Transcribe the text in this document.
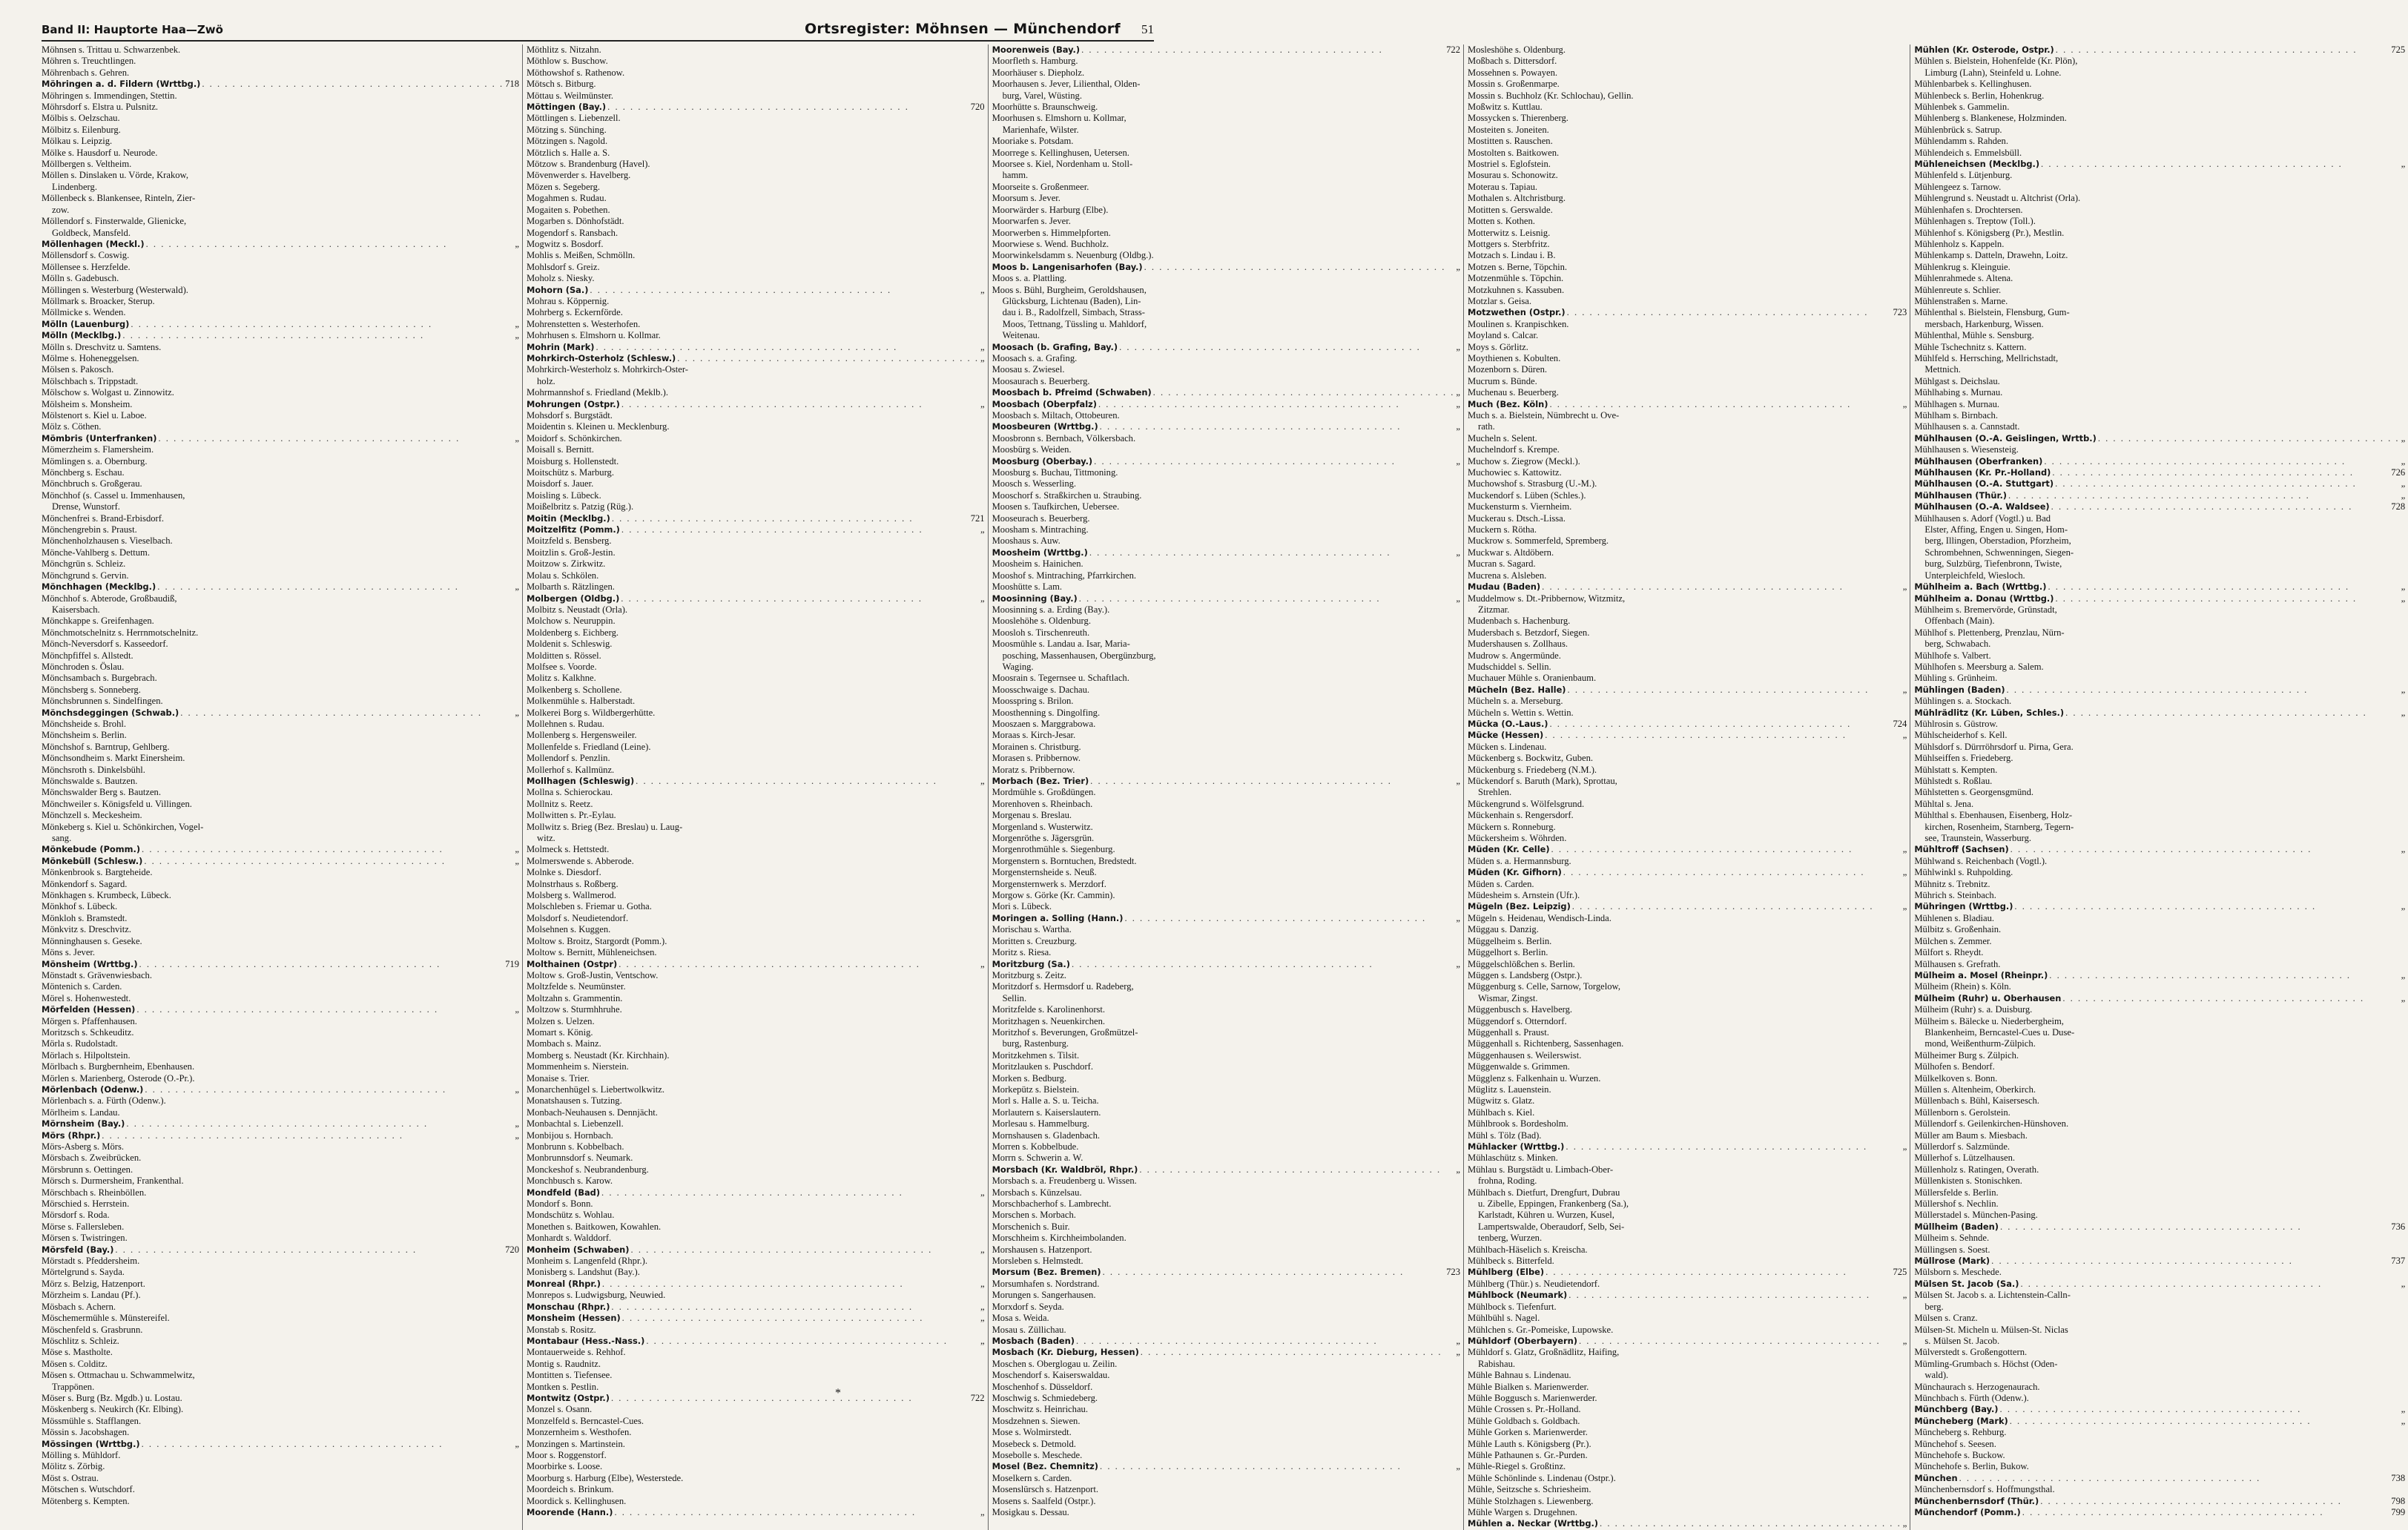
Band II: Hauptorte Haa—Zwö	Ortsregister: Möhnsen — Münchendorf 51
Möhnsen s. Trittau u. Schwarzenbek.
Möhren s. Treuchtlingen.
Möhrenbach s. Gehren.
Möhringen a. d. Fildern (Wrttbg.) . . .	718
Möhringen s. Immendingen, Stettin.
Möhrsdorf s. Elstra u. Pulsnitz.
Mölbis s. Oelzschau.
Mölbitz s. Eilenburg.
Mölkau s. Leipzig.
Mölke s. Hausdorf u. Neurode.
Möllbergen s. Veltheim.
Möllen s. Dinslaken u. Vörde, Krakow,
Lindenberg.
Möllenbeck s. Blankensee, Rinteln, Zier-
zow.
Möllendorf s. Finsterwalde, Glienicke,
Goldbeck, Mansfeld.
Möllenhagen (Meckl.) . . .	„
Möllensdorf s. Coswig.
Möllensee s. Herzfelde.
Mölln s. Gadebusch.
Möllingen s. Westerburg (Westerwald).
Möllmark s. Broacker, Sterup.
Möllmicke s. Wenden.
Mölln (Lauenburg) . . .	„
Mölln (Mecklbg.) . . .	„
Mölln s. Dreschvitz u. Samtens.
Mölme s. Hoheneggelsen.
Mölsen s. Pakosch.
Mölschbach s. Trippstadt.
Mölschow s. Wolgast u. Zinnowitz.
Mölsheim s. Monsheim.
Mölstenort s. Kiel u. Laboe.
Mölz s. Cöthen.
Mömbris (Unterfranken) . . .	„
Mömerzheim s. Flamersheim.
Mömlingen s. a. Obernburg.
Mönchberg s. Eschau.
Mönchbruch s. Großgerau.
Mönchhof (s. Cassel u. Immenhausen,
Drense, Wunstorf.
Mönchenfrei s. Brand-Erbisdorf.
Mönchengrebin s. Praust.
Mönchenholzhausen s. Vieselbach.
Mönche-Vahlberg s. Dettum.
Mönchgrün s. Schleiz.
Mönchgrund s. Gervin.
Mönchhagen (Mecklbg.) . . .	„
Mönchhof s. Abterode, Großbaudiß,
Kaisersbach.
Mönchkappe s. Greifenhagen.
Mönchmotschelnitz s. Herrnmotschelnitz.
Mönch-Neversdorf s. Kasseedorf.
Mönchpfiffel s. Allstedt.
Mönchroden s. Öslau.
Mönchsambach s. Burgebrach.
Mönchsberg s. Sonneberg.
Mönchsbrunnen s. Sindelfingen.
Mönchsdeggingen (Schwab.) . . .	„
Mönchsheide s. Brohl.
Mönchsheim s. Berlin.
Mönchshof s. Barntrup, Gehlberg.
Mönchsondheim s. Markt Einersheim.
Mönchsroth s. Dinkelsbühl.
Mönchswalde s. Bautzen.
Mönchswalder Berg s. Bautzen.
Mönchweiler s. Königsfeld u. Villingen.
Mönchzell s. Meckesheim.
Mönkeberg s. Kiel u. Schönkirchen, Vogel-
sang.
Mönkebude (Pomm.) . . .	„
Mönkebüll (Schlesw.) . . .	„
Mönkenbrook s. Bargteheide.
Mönkendorf s. Sagard.
Mönkhagen s. Krumbeck, Lübeck.
Mönkhof s. Lübeck.
Mönkloh s. Bramstedt.
Mönkvitz s. Dreschvitz.
Mönninghausen s. Geseke.
Möns s. Jever.
Mönsheim (Wrttbg.) . . .	719
Mönstadt s. Grävenwiesbach.
Möntenich s. Carden.
Mörel s. Hohenwestedt.
Mörfelden (Hessen) . . .	„
Mörgen s. Pfaffenhausen.
Moritzsch s. Schkeuditz.
Mörla s. Rudolstadt.
Mörlach s. Hilpoltstein.
Mörlbach s. Burgbernheim, Ebenhausen.
Mörlen s. Marienberg, Osterode (O.-Pr.).
Mörlenbach (Odenw.) . . .	„
Mörlenbach s. a. Fürth (Odenw.).
Mörlheim s. Landau.
Mörnsheim (Bay.) . . .	„
Mörs (Rhpr.) . . .	„
Mörs-Asberg s. Mörs.
Mörsbach s. Zweibrücken.
Mörsbrunn s. Oettingen.
Mörsch s. Durmersheim, Frankenthal.
Mörschbach s. Rheinböllen.
Mörschied s. Herrstein.
Mörsdorf s. Roda.
Mörse s. Fallersleben.
Mörsen s. Twistringen.
Mörsfeld (Bay.) . . .	720
Mörstadt s. Pfeddersheim.
Mörtelgrund s. Sayda.
Mörz s. Belzig, Hatzenport.
Mörzheim s. Landau (Pf.).
Mösbach s. Achern.
Möschemermühle s. Münstereifel.
Möschenfeld s. Grasbrunn.
Möschlitz s. Schleiz.
Möse s. Mastholte.
Mösen s. Colditz.
Mösen s. Ottmachau u. Schwammelwitz,
Trappönen.
Möser s. Burg (Bz. Mgdb.) u. Lostau.
Möskenberg s. Neukirch (Kr. Elbing).
Mössmühle s. Stafflangen.
Mössin s. Jacobshagen.
Mössingen (Wrttbg.) . . .	„
Mölling s. Mühldorf.
Mölitz s. Zörbig.
Möst s. Ostrau.
Mötschen s. Wutschdorf.
Mötenberg s. Kempten.
Möthlitz s. Nitzahn.
Möthlow s. Buschow.
Möthowshof s. Rathenow.
Mötsch s. Bitburg.
Möttau s. Weilmünster.
Möttingen (Bay.) . . .	720
Möttlingen s. Liebenzell.
Mötzing s. Sünching.
Mötzingen s. Nagold.
Mötzlich s. Halle a. S.
Mötzow s. Brandenburg (Havel).
Mövenwerder s. Havelberg.
Mözen s. Segeberg.
Mogahmen s. Rudau.
Mogaiten s. Pobethen.
Mogarben s. Dönhofstädt.
Mogendorf s. Ransbach.
Mogwitz s. Bosdorf.
Mohlis s. Meißen, Schmölln.
Mohlsdorf s. Greiz.
Moholz s. Niesky.
Mohorn (Sa.) . . .	„
Mohrau s. Köppernig.
Mohrberg s. Eckernförde.
Mohrenstetten s. Westerhofen.
Mohrhusen s. Elmshorn u. Kollmar.
Mohrin (Mark) . . .	„
Mohrkirch-Osterholz (Schlesw.) . . .	„
Mohrkirch-Westerholz s. Mohrkirch-Oster-
holz.
Mohrmannshof s. Friedland (Meklb.).
Mohrungen (Ostpr.) . . .	„
Mohsdorf s. Burgstädt.
Moidentin s. Kleinen u. Mecklenburg.
Moidorf s. Schönkirchen.
Moisall s. Bernitt.
Moisburg s. Hollenstedt.
Moitschütz s. Marburg.
Moisdorf s. Jauer.
Moisling s. Lübeck.
Moißelbritz s. Patzig (Rüg.).
Moitin (Mecklbg.) . . .	721
Moitzelfitz (Pomm.) . . .	„
Moitzfeld s. Bensberg.
Moitzlin s. Groß-Jestin.
Moitzow s. Zirkwitz.
Molau s. Schkölen.
Molbarth s. Rätzlingen.
Molbergen (Oldbg.) . . .	„
Molbitz s. Neustadt (Orla).
Molchow s. Neuruppin.
Moldenberg s. Eichberg.
Moldenit s. Schleswig.
Molditten s. Rössel.
Molfsee s. Voorde.
Molitz s. Kalkhne.
Molkenberg s. Schollene.
Molkenmühle s. Halberstadt.
Molkerei Borg s. Wildbergerhütte.
Mollehnen s. Rudau.
Mollenberg s. Hergensweiler.
Mollenfelde s. Friedland (Leine).
Mollendorf s. Penzlin.
Mollerhof s. Kallmünz.
Mollhagen (Schleswig) . . .	„
Mollna s. Schierockau.
Mollnitz s. Reetz.
Mollwitten s. Pr.-Eylau.
Mollwitz s. Brieg (Bez. Breslau) u. Laug-
witz.
Molmeck s. Hettstedt.
Molmerswende s. Abberode.
Molnke s. Diesdorf.
Molnstrhaus s. Roßberg.
Molsberg s. Wallmerod.
Molschleben s. Friemar u. Gotha.
Molsdorf s. Neudietendorf.
Molsehnen s. Kuggen.
Moltow s. Broitz, Stargordt (Pomm.).
Moltow s. Bernitt, Mühleneichsen.
Molthainen (Ostpr) . . .	„
Moltow s. Groß-Justin, Ventschow.
Moltzfelde s. Neumünster.
Moltzahn s. Grammentin.
Moltzow s. Sturmhhruhe.
Molzen s. Uelzen.
Momart s. König.
Mombach s. Mainz.
Momberg s. Neustadt (Kr. Kirchhain).
Mommenheim s. Nierstein.
Monaise s. Trier.
Monarchenhügel s. Liebertwolkwitz.
Monatshausen s. Tutzing.
Monbach-Neuhausen s. Dennjächt.
Monbachtal s. Liebenzell.
Monbijou s. Hornbach.
Monbrunn s. Kobbelbach.
Monbrunnsdorf s. Neumark.
Monckeshof s. Neubrandenburg.
Monchbusch s. Karow.
Mondfeld (Bad) . . .	„
Mondorf s. Bonn.
Mondschütz s. Wohlau.
Monethen s. Baitkowen, Kowahlen.
Monhardt s. Walddorf.
Monheim (Schwaben) . . .	„
Monheim s. Langenfeld (Rhpr.).
Monisberg s. Landshut (Bay.).
Monreal (Rhpr.) . . .	„
Monrepos s. Ludwigsburg, Neuwied.
Monschau (Rhpr.) . . .	„
Monsheim (Hessen) . . .	„
Monstab s. Rositz.
Montabaur (Hess.-Nass.) . . .	„
Montauerweide s. Rehhof.
Montig s. Raudnitz.
Montitten s. Tiefensee.
Montken s. Pestlin.
Montwitz (Ostpr.) . . .	722
Monzel s. Osann.
Monzelfeld s. Berncastel-Cues.
Monzernheim s. Westhofen.
Monzingen s. Martinstein.
Moor s. Roggenstorf.
Moorbirke s. Loose.
Moorburg s. Harburg (Elbe), Westerstede.
Moordeich s. Brinkum.
Moordick s. Kellinghusen.
Moorende (Hann.) . . .	„
Moorenweis (Bay.) . . .	722
Moorfleth s. Hamburg.
Moorhäuser s. Diepholz.
Moorhausen s. Jever, Lilienthal, Olden-
burg, Varel, Wüsting.
Moorhütte s. Braunschweig.
Moorhusen s. Elmshorn u. Kollmar,
Marienhafe, Wilster.
Mooriake s. Potsdam.
Moorrege s. Kellinghusen, Uetersen.
Moorsee s. Kiel, Nordenham u. Stoll-
hamm.
Moorseite s. Großenmeer.
Moorsum s. Jever.
Moorwärder s. Harburg (Elbe).
Moorwarfen s. Jever.
Moorwerben s. Himmelpforten.
Moorwiese s. Wend. Buchholz.
Moorwinkelsdamm s. Neuenburg (Oldbg.).
Moos b. Langenisarhofen (Bay.) . . .	„
Moos s. a. Plattling.
Moos s. Bühl, Burgheim, Geroldshausen,
Glücksburg, Lichtenau (Baden), Lin-
dau i. B., Radolfzell, Simbach, Strass-
Moos, Tettnang, Tüssling u. Mahldorf,
Weitenau.
Moosach (b. Grafing, Bay.) . . .	„
Moosach s. a. Grafing.
Moosau s. Zwiesel.
Moosaurach s. Beuerberg.
Moosbach b. Pfreimd (Schwaben) . . .	„
Moosbach (Oberpfalz) . . .	„
Moosbach s. Miltach, Ottobeuren.
Moosbeuren (Wrttbg.) . . .	„
Moosbronn s. Bernbach, Völkersbach.
Moosbürg s. Weiden.
Moosburg (Oberbay.) . . .	„
Moosburg s. Buchau, Tittmoning.
Moosch s. Wesserling.
Mooschorf s. Straßkirchen u. Straubing.
Moosen s. Taufkirchen, Uebersee.
Mooseurach s. Beuerberg.
Moosham s. Mintraching.
Mooshaus s. Auw.
Moosheim (Wrttbg.) . . .	„
Moosheim s. Hainichen.
Mooshof s. Mintraching, Pfarrkirchen.
Mooshütte s. Lam.
Moosinning (Bay.) . . .	„
Moosinning s. a. Erding (Bay.).
Mooslehöhe s. Oldenburg.
Moosloh s. Tirschenreuth.
Moosmühle s. Landau a. Isar, Maria-
posching, Massenhausen, Obergünzburg,
Waging.
Moosrain s. Tegernsee u. Schaftlach.
Moosschwaige s. Dachau.
Moosspring s. Brilon.
Moosthenning s. Dingolfing.
Mooszaen s. Marggrabowa.
Moraas s. Kirch-Jesar.
Morainen s. Christburg.
Morasen s. Pribbernow.
Moratz s. Pribbernow.
Morbach (Bez. Trier) . . .	„
Mordmühle s. Großdüngen.
Morenhoven s. Rheinbach.
Morgenau s. Breslau.
Morgenland s. Wusterwitz.
Morgenröthe s. Jägersgrün.
Morgenrothmühle s. Siegenburg.
Morgenstern s. Borntuchen, Bredstedt.
Morgensternsheide s. Neuß.
Morgensternwerk s. Merzdorf.
Morgow s. Görke (Kr. Cammin).
Mori s. Lübeck.
Moringen a. Solling (Hann.) . . .	„
Morischau s. Wartha.
Moritten s. Creuzburg.
Moritz s. Riesa.
Moritzburg (Sa.) . . .	„
Moritzburg s. Zeitz.
Moritzdorf s. Hermsdorf u. Radeberg,
Sellin.
Moritzfelde s. Karolinenhorst.
Moritzhagen s. Neuenkirchen.
Moritzhof s. Beverungen, Großmützel-
burg, Rastenburg.
Moritzkehmen s. Tilsit.
Moritzlauken s. Puschdorf.
Morken s. Bedburg.
Morkepütz s. Bielstein.
Morl s. Halle a. S. u. Teicha.
Morlautern s. Kaiserslautern.
Morlesau s. Hammelburg.
Mornshausen s. Gladenbach.
Morren s. Kobbelbude.
Morrn s. Schwerin a. W.
Morsbach (Kr. Waldbröl, Rhpr.) . . .	„
Morsbach s. a. Freudenberg u. Wissen.
Morsbach s. Künzelsau.
Morschbacherhof s. Lambrecht.
Morschen s. Morbach.
Morschenich s. Buir.
Morschheim s. Kirchheimbolanden.
Morshausen s. Hatzenport.
Morsleben s. Helmstedt.
Morsum (Bez. Bremen) . . .	723
Morsumhafen s. Nordstrand.
Morungen s. Sangerhausen.
Morxdorf s. Seyda.
Mosa s. Weida.
Mosau s. Züllichau.
Mosbach (Baden) . . .	„
Mosbach (Kr. Dieburg, Hessen) . . .	„
Moschen s. Oberglogau u. Zeilin.
Moschendorf s. Kaiserswaldau.
Moschenhof s. Düsseldorf.
Moschwig s. Schmiedeberg.
Moschwitz s. Heinrichau.
Mosdzehnen s. Siewen.
Mose s. Wolmirstedt.
Mosebeck s. Detmold.
Mosebolle s. Meschede.
Mosel (Bez. Chemnitz) . . .	„
Moselkern s. Carden.
Mosenslürsch s. Hatzenport.
Mosens s. Saalfeld (Ostpr.).
Mosigkau s. Dessau.
Mosleshöhe s. Oldenburg.
Moßbach s. Dittersdorf.
Mossehnen s. Powayen.
Mossin s. Großenmarpe.
Mossin s. Buchholz (Kr. Schlochau), Gellin.
Moßwitz s. Kuttlau.
Mossycken s. Thierenberg.
Mosteiten s. Joneiten.
Mostitten s. Rauschen.
Mostolten s. Baitkowen.
Mostriel s. Eglofstein.
Mosurau s. Schonowitz.
Moterau s. Tapiau.
Mothalen s. Altchristburg.
Motitten s. Gerswalde.
Motten s. Kothen.
Motterwitz s. Leisnig.
Mottgers s. Sterbfritz.
Motzach s. Lindau i. B.
Motzen s. Berne, Töpchin.
Motzenmühle s. Töpchin.
Motzkuhnen s. Kassuben.
Motzlar s. Geisa.
Motzwethen (Ostpr.) . . .	723
Moulinen s. Kranpischken.
Moyland s. Calcar.
Moys s. Görlitz.
Moythienen s. Kobulten.
Mozenborn s. Düren.
Mucrum s. Bünde.
Muchenau s. Beuerberg.
Much (Bez. Köln) . . .	„
Much s. a. Bielstein, Nümbrecht u. Ove-
rath.
Mucheln s. Selent.
Muchelndorf s. Krempe.
Muchow s. Ziegrow (Meckl.).
Muchowiec s. Kattowitz.
Muchowshof s. Strasburg (U.-M.).
Muckendorf s. Lüben (Schles.).
Muckensturm s. Viernheim.
Muckerau s. Dtsch.-Lissa.
Muckern s. Rötha.
Muckrow s. Sommerfeld, Spremberg.
Muckwar s. Altdöbern.
Mucran s. Sagard.
Mucrena s. Alsleben.
Mudau (Baden) . . .	„
Muddelmow s. Dt.-Pribbernow, Witzmitz,
Zitzmar.
Mudenbach s. Hachenburg.
Mudersbach s. Betzdorf, Siegen.
Mudershausen s. Zollhaus.
Mudrow s. Angermünde.
Mudschiddel s. Sellin.
Muchauer Mühle s. Oranienbaum.
Mücheln (Bez. Halle) . . .	„
Mücheln s. a. Merseburg.
Mücheln s. Wettin s. Wettin.
Mücka (O.-Laus.) . . .	724
Mücke (Hessen) . . .	„
Mücken s. Lindenau.
Mückenberg s. Bockwitz, Guben.
Mückenburg s. Friedeberg (N.M.).
Mückendorf s. Baruth (Mark), Sprottau,
Strehlen.
Mückengrund s. Wölfelsgrund.
Mückenhain s. Rengersdorf.
Mückern s. Ronneburg.
Mückersheim s. Wöhrden.
Müden (Kr. Celle) . . .	„
Müden s. a. Hermannsburg.
Müden (Kr. Gifhorn) . . .	„
Müden s. Carden.
Müdesheim s. Arnstein (Ufr.).
Mügeln (Bez. Leipzig) . . .	„
Mügeln s. Heidenau, Wendisch-Linda.
Müggau s. Danzig.
Müggelheim s. Berlin.
Müggelhort s. Berlin.
Müggelschlößchen s. Berlin.
Müggen s. Landsberg (Ostpr.).
Müggenburg s. Celle, Sarnow, Torgelow,
Wismar, Zingst.
Müggenbusch s. Havelberg.
Müggendorf s. Otterndorf.
Müggenhall s. Praust.
Müggenhall s. Richtenberg, Sassenhagen.
Müggenhausen s. Weilerswist.
Müggenwalde s. Grimmen.
Mügglenz s. Falkenhain u. Wurzen.
Müglitz s. Lauenstein.
Mügwitz s. Glatz.
Mühlbach s. Kiel.
Mühlbrook s. Bordesholm.
Mühl s. Tölz (Bad).
Mühlacker (Wrttbg.) . . .	„
Mühlaschütz s. Minken.
Mühlau s. Burgstädt u. Limbach-Ober-
frohna, Roding.
Mühlbach s. Dietfurt, Drengfurt, Dubrau
u. Zibelle, Eppingen, Frankenberg (Sa.),
Karlstadt, Kühren u. Wurzen, Kusel,
Lampertswalde, Oberaudorf, Selb, Sei-
tenberg, Wurzen.
Mühlbach-Häselich s. Kreischa.
Mühlbeck s. Bitterfeld.
Mühlberg (Elbe) . . .	725
Mühlberg (Thür.) s. Neudietendorf.
Mühlbock (Neumark) . . .	„
Mühlbock s. Tiefenfurt.
Mühlbühl s. Nagel.
Mühlchen s. Gr.-Pomeiske, Lupowske.
Mühldorf (Oberbayern) . . .	„
Mühldorf s. Glatz, Großnädlitz, Haifing,
Rabishau.
Mühle Bahnau s. Lindenau.
Mühle Bialken s. Marienwerder.
Mühle Boggusch s. Marienwerder.
Mühle Crossen s. Pr.-Holland.
Mühle Goldbach s. Goldbach.
Mühle Gorken s. Marienwerder.
Mühle Lauth s. Königsberg (Pr.).
Mühle Pathaunen s. Gr.-Purden.
Mühle-Riegel s. Großtinz.
Mühle Schönlinde s. Lindenau (Ostpr.).
Mühle, Seitzsche s. Schriesheim.
Mühle Stolzhagen s. Liewenberg.
Mühle Wargen s. Drugehnen.
Mühlen a. Neckar (Wrttbg.) . . .	„
Mühlen (Kr. Osterode, Ostpr.) . . .	725
Mühlen s. Bielstein, Hohenfelde (Kr. Plön),
Limburg (Lahn), Steinfeld u. Lohne.
Mühlenbarbek s. Kellinghusen.
Mühlenbeck s. Berlin, Hohenkrug.
Mühlenbek s. Gammelin.
Mühlenberg s. Blankenese, Holzminden.
Mühlenbrück s. Satrup.
Mühlendamm s. Rahden.
Mühlendeich s. Emmelsbüll.
Mühleneichsen (Mecklbg.) . . .	„
Mühlenfeld s. Lütjenburg.
Mühlengeez s. Tarnow.
Mühlengrund s. Neustadt u. Altchrist (Orla).
Mühlenhafen s. Drochtersen.
Mühlenhagen s. Treptow (Toll.).
Mühlenhof s. Königsberg (Pr.), Mestlin.
Mühlenholz s. Kappeln.
Mühlenkamp s. Datteln, Drawehn, Loitz.
Mühlenkrug s. Kleinguie.
Mühlenrahmede s. Altena.
Mühlenreute s. Schlier.
Mühlenstraßen s. Marne.
Mühlenthal s. Bielstein, Flensburg, Gum-
mersbach, Harkenburg, Wissen.
Mühlenthal, Mühle s. Sensburg.
Mühle Tschechnitz s. Kattern.
Mühlfeld s. Herrsching, Mellrichstadt,
Mettnich.
Mühlgast s. Deichslau.
Mühlhabing s. Murnau.
Mühlhagen s. Murnau.
Mühlham s. Birnbach.
Mühlhausen s. a. Cannstadt.
Mühlhausen (O.-A. Geislingen, Wrttb.) . . .	„
Mühlhausen s. Wiesensteig.
Mühlhausen (Oberfranken) . . .	„
Mühlhausen (Kr. Pr.-Holland) . . .	726
Mühlhausen (O.-A. Stuttgart) . . .	„
Mühlhausen (Thür.) . . .	„
Mühlhausen (O.-A. Waldsee) . . .	728
Mühlhausen s. Adorf (Vogtl.) u. Bad
Elster, Affing, Engen u. Singen, Hom-
berg, Illingen, Oberstadion, Pforzheim,
Schrombehnen, Schwenningen, Siegen-
burg, Sulzbürg, Tiefenbronn, Twiste,
Unterpleichfeld, Wiesloch.
Mühlheim a. Bach (Wrttbg.) . . .	„
Mühlheim a. Donau (Wrttbg.) . . .	„
Mühlheim s. Bremervörde, Grünstadt,
Offenbach (Main).
Mühlhof s. Plettenberg, Prenzlau, Nürn-
berg, Schwabach.
Mühlhofe s. Valbert.
Mühlhofen s. Meersburg a. Salem.
Mühling s. Grünheim.
Mühlingen (Baden) . . .	„
Mühlingen s. a. Stockach.
Mühlrädlitz (Kr. Lüben, Schles.) . . .	„
Mühlrosin s. Güstrow.
Mühlscheiderhof s. Kell.
Mühlsdorf s. Dürrröhrsdorf u. Pirna, Gera.
Mühlseiffen s. Friedeberg.
Mühlstatt s. Kempten.
Mühlstedt s. Roßlau.
Mühlstetten s. Georgensgmünd.
Mühltal s. Jena.
Mühlthal s. Ebenhausen, Eisenberg, Holz-
kirchen, Rosenheim, Starnberg, Tegern-
see, Traunstein, Wasserburg.
Mühltroff (Sachsen) . . .	„
Mühlwand s. Reichenbach (Vogtl.).
Mühlwinkl s. Ruhpolding.
Mühnitz s. Trebnitz.
Mührich s. Steinbach.
Mühringen (Wrttbg.) . . .	„
Mühlenen s. Bladiau.
Mülbitz s. Großenhain.
Mülchen s. Zemmer.
Mülfort s. Rheydt.
Mülhausen s. Grefrath.
Mülheim a. Mosel (Rheinpr.) . . .	„
Mülheim (Rhein) s. Köln.
Mülheim (Ruhr) u. Oberhausen . . .	„
Mülheim (Ruhr) s. a. Duisburg.
Mülheim s. Bälecke u. Niederbergheim,
Blankenheim, Berncastel-Cues u. Duse-
mond, Weißenthurm-Zülpich.
Mülheimer Burg s. Zülpich.
Mülhofen s. Bendorf.
Mülkelkoven s. Bonn.
Müllen s. Altenheim, Oberkirch.
Müllenbach s. Bühl, Kaisersesch.
Müllenborn s. Gerolstein.
Müllendorf s. Geilenkirchen-Hünshoven.
Müller am Baum s. Miesbach.
Müllerdorf s. Salzmünde.
Müllerhof s. Lützelhausen.
Müllenholz s. Ratingen, Overath.
Müllenkisten s. Stonischken.
Müllersfelde s. Berlin.
Müllershof s. Nechlin.
Müllerstadel s. München-Pasing.
Müllheim (Baden) . . .	736
Mülheim s. Sehnde.
Müllingsen s. Soest.
Müllrose (Mark) . . .	737
Mülsborn s. Meschede.
Mülsen St. Jacob (Sa.) . . .	„
Mülsen St. Jacob s. a. Lichtenstein-Calln-
berg.
Mülsen s. Cranz.
Mülsen-St. Micheln u. Mülsen-St. Niclas
s. Mülsen St. Jacob.
Mülverstedt s. Großengottern.
Mümling-Grumbach s. Höchst (Oden-
wald).
Münchaurach s. Herzogenaurach.
Münchbach s. Fürth (Odenw.).
Münchberg (Bay.) . . .	„
Müncheberg (Mark) . . .	„
Müncheberg s. Rehburg.
Münchehof s. Seesen.
Münchehofe s. Buckow.
Münchehofe s. Berlin, Bukow.
München . . .	738
Münchenbernsdorf s. Hoffmungsthal.
Münchenbernsdorf (Thür.) . . .	798
Münchendorf (Pomm.) . . .	799
*
